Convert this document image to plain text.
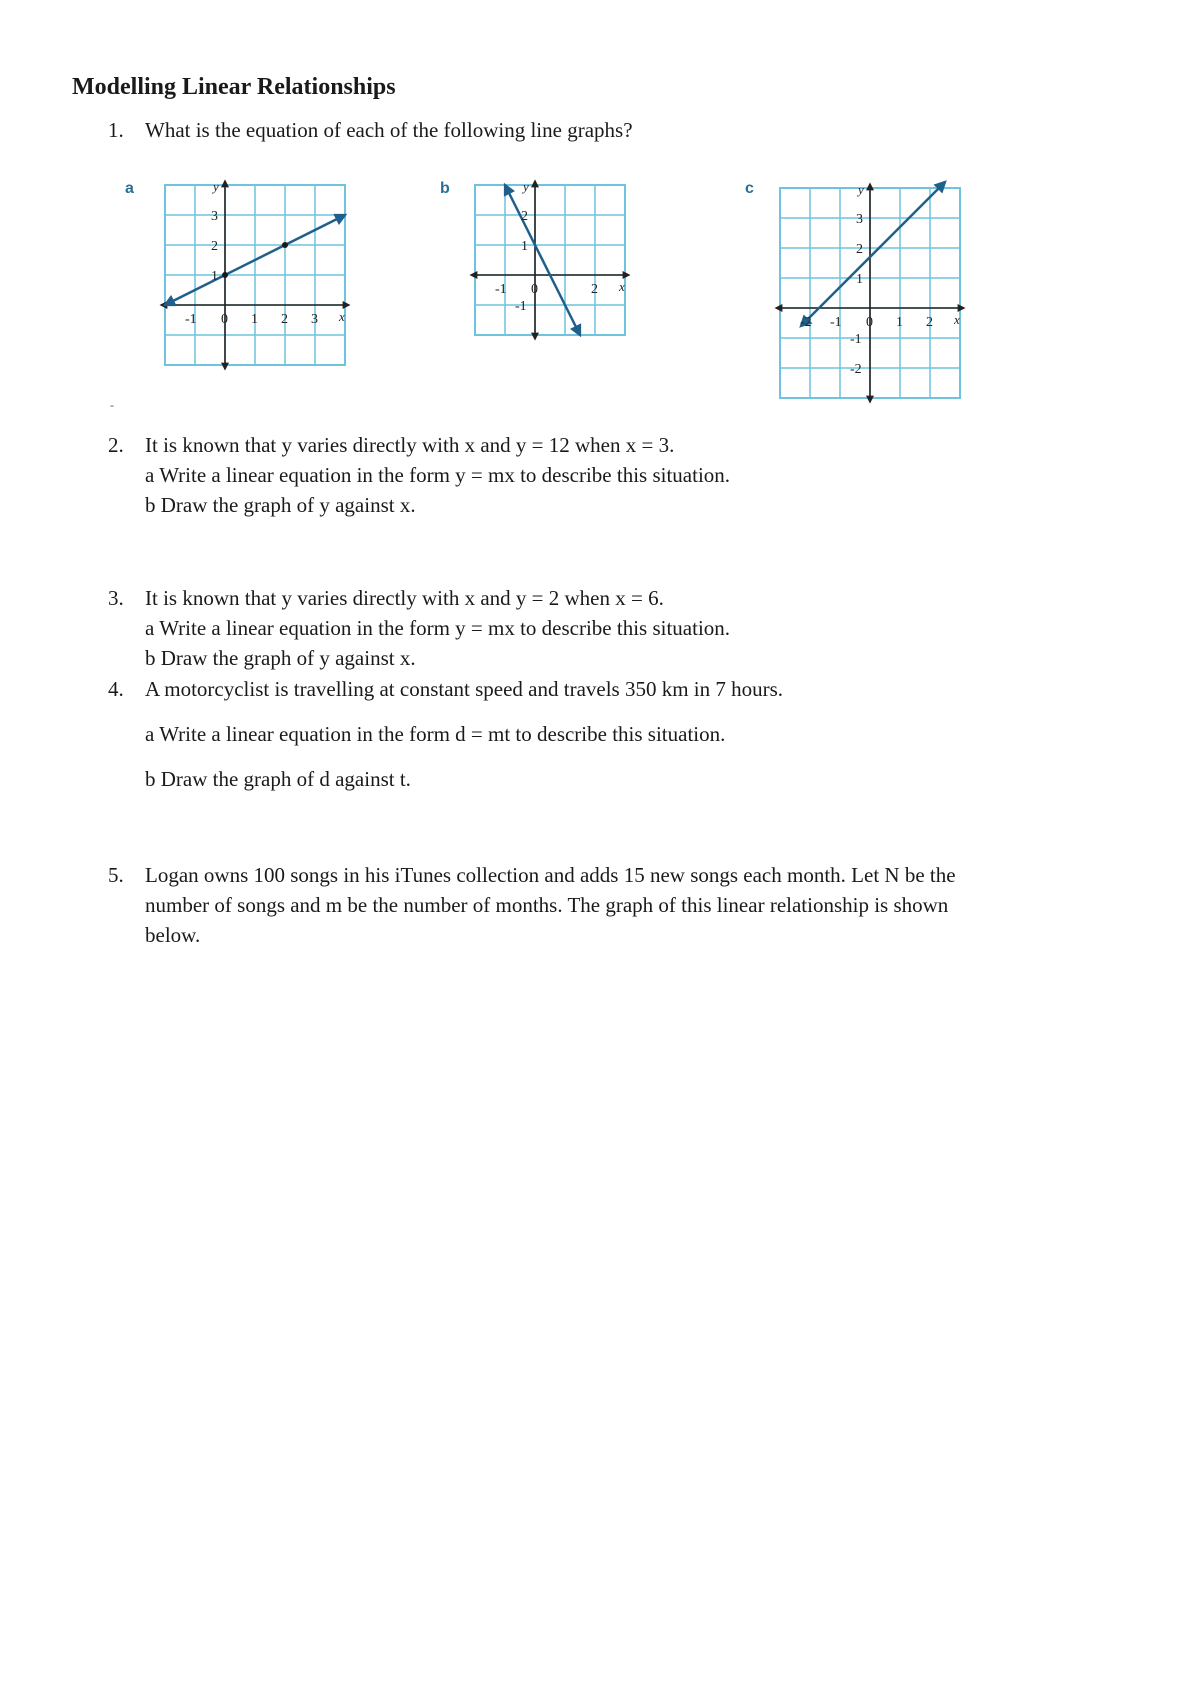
Modelling Linear Relationships
1. What is the equation of each of the following line graphs?
a
-1 0 1 2 3
1
2
3
x
y	b
-1 0	2
-1
1
2
x
y	c
-2 -1 0 1 2
-2
-1
1
2
3
x
y
-
2. It is known that y varies directly with x and y = 12 when x = 3.
a Write a linear equation in the form y = mx to describe this situation.
b Draw the graph of y against x.
3. It is known that y varies directly with x and y = 2 when x = 6.
a Write a linear equation in the form y = mx to describe this situation.
b Draw the graph of y against x.
4. A motorcyclist is travelling at constant speed and travels 350 km in 7 hours.
a Write a linear equation in the form d = mt to describe this situation.
b Draw the graph of d against t.
5. Logan owns 100 songs in his iTunes collection and adds 15 new songs each month. Let N be the
number of songs and m be the number of months. The graph of this linear relationship is shown
below.
